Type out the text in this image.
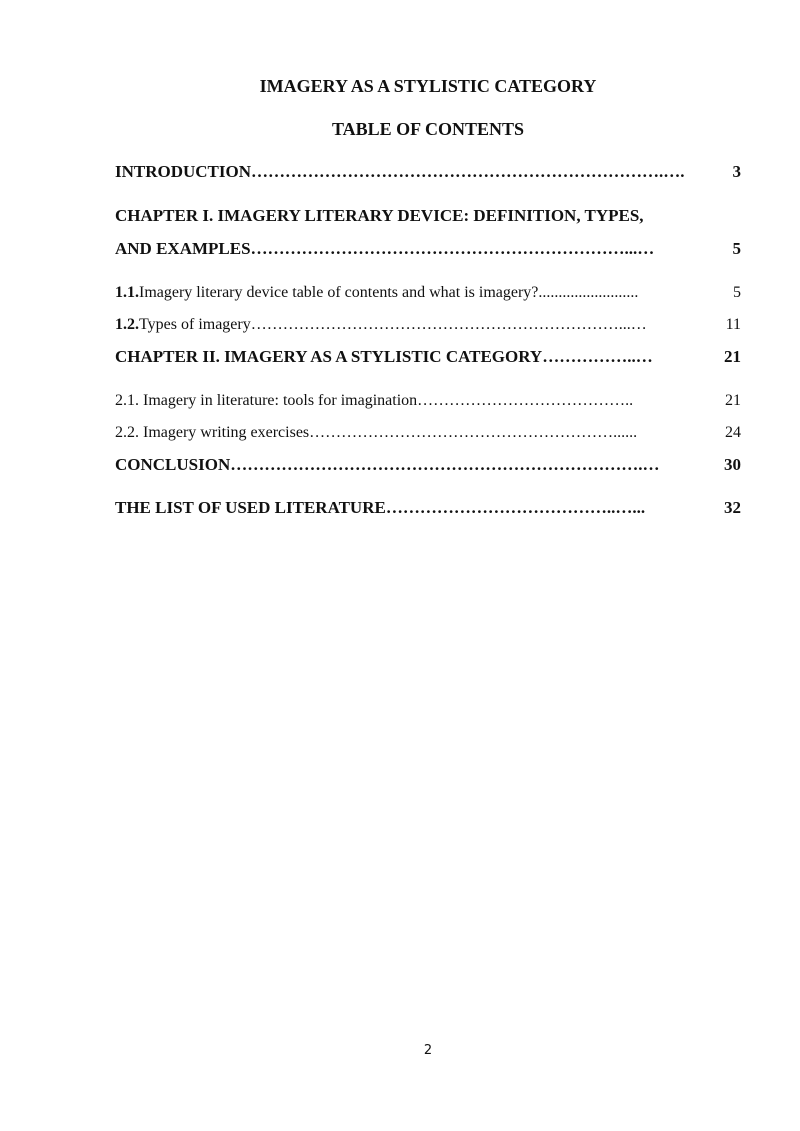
IMAGERY AS A STYLISTIC CATEGORY
TABLE OF CONTENTS
INTRODUCTION……………………………………………………………….….	3
CHAPTER I. IMAGERY LITERARY DEVICE: DEFINITION, TYPES,
AND EXAMPLES…………………………………………………………...…	5
1.1.Imagery literary device table of contents and what is imagery?.........................	5
1.2.Types of imagery……………………………………………………………...…	11
CHAPTER II. IMAGERY AS A STYLISTIC CATEGORY……………..…	21
2.1. Imagery in literature: tools for imagination…………………………………..	21
2.2. Imagery writing exercises…………………………………………………......	24
CONCLUSION……………………………………………………………….…	30
THE LIST OF USED LITERATURE…………………………………..…...	32
2
